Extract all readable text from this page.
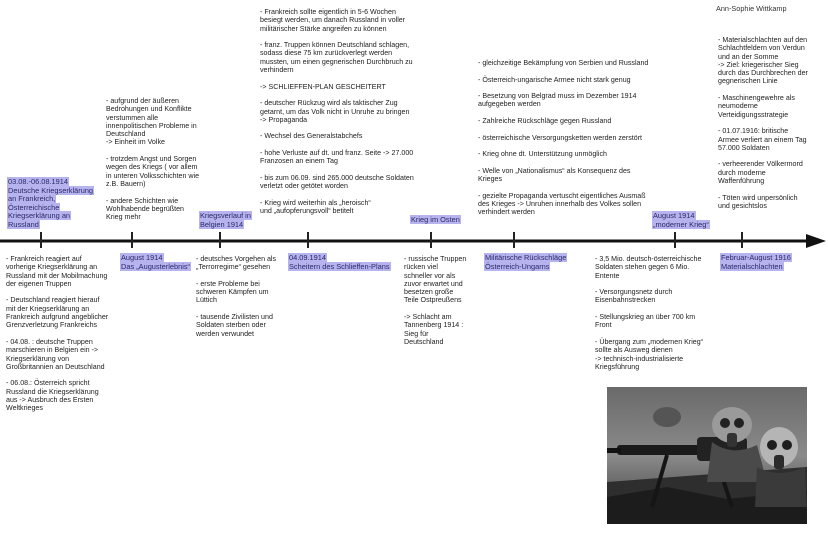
Ann-Sophie Wittkamp
03.08.-06.08.1914
Deutsche Kriegserklärung
an Frankreich,
Österreichische
Kriegserklärung an
Russland
August 1914
Das „Augusterlebnis“
Kriegsverlauf in
Belgien 1914
04.09.1914
Scheitern des Schlieffen-Plans
Krieg im Osten
Militärische Rückschläge
Österreich-Ungarns
August 1914
„moderner Krieg“
Februar-August 1916
Materialschlachten
- Frankreich reagiert auf
vorherige Kriegserklärung an
Russland mit der Mobilmachung
der eigenen Truppen

- Deutschland reagiert hierauf
mit der Kriegserklärung an
Frankreich aufgrund angeblicher
Grenzverletzung Frankreichs

- 04.08. : deutsche Truppen
marschieren in Belgien ein ->
Kriegserklärung von
Großbritannien an Deutschland

- 06.08.: Österreich spricht
Russland die Kriegserklärung
aus -> Ausbruch des Ersten
Weltkrieges
- aufgrund der äußeren
Bedrohungen und Konflikte
verstummen alle
innenpolitischen Probleme in
Deutschland
-> Einheit im Volke

- trotzdem Angst und Sorgen
wegen des Kriegs ( vor allem
in unteren Volksschichten wie
z.B. Bauern)

- andere Schichten wie
Wohlhabende begrüßten
Krieg mehr
- deutsches Vorgehen als
„Terrorregime“ gesehen

- erste Probleme bei
schweren Kämpfen um
Lüttich

- tausende Zivilisten und
Soldaten sterben oder
werden verwundet
- Frankreich sollte eigentlich in 5-6 Wochen
besiegt werden, um danach Russland in voller
militärischer Stärke angreifen zu können

- franz. Truppen können Deutschland schlagen,
sodass diese 75 km zurückverlegt werden
mussten, um einen gegnerischen Durchbruch zu
verhindern

-> SCHLIEFFEN-PLAN GESCHEITERT

- deutscher Rückzug wird als taktischer Zug
getarnt, um das Volk nicht in Unruhe zu bringen
-> Propaganda

- Wechsel des Generalstabchefs

- hohe Verluste auf dt. und franz. Seite -> 27.000
Franzosen an einem Tag

- bis zum 06.09. sind 265.000 deutsche Soldaten
verletzt oder getötet worden

- Krieg wird weiterhin als „heroisch“
und „aufopferungsvoll“ betitelt
- russische Truppen
rücken viel
schneller vor als
zuvor erwartet und
besetzen große
Teile Ostpreußens

-> Schlacht am
Tannenberg 1914 :
Sieg für
Deutschland
- gleichzeitige Bekämpfung von Serbien und Russland

- Österreich-ungarische Armee nicht stark genug

- Besetzung von Belgrad muss im Dezember 1914
aufgegeben werden

- Zahlreiche Rückschläge gegen Russland

- österreichische Versorgungsketten werden zerstört

- Krieg ohne dt. Unterstützung unmöglich

- Welle von „Nationalismus“ als Konsequenz des
Krieges

- gezielte Propaganda vertuscht eigentliches Ausmaß
des Krieges -> Unruhen innerhalb des Volkes sollen
verhindert werden
- 3,5 Mio. deutsch-österreichische
Soldaten stehen gegen 6 Mio.
Entente

- Versorgungsnetz durch
Eisenbahnstrecken

- Stellungskrieg an über 700 km
Front

- Übergang zum „modernen Krieg“
sollte als Ausweg dienen
-> technisch-industrialisierte
Kriegsführung
- Materialschlachten auf den
Schlachtfeldern von Verdun
und an der Somme
-> Ziel: kriegerischer Sieg
durch das Durchbrechen der
gegnerischen Linie

- Maschinengewehre als
neumoderne
Verteidigungsstrategie

- 01.07.1916: britische
Armee verliert an einem Tag
57.000 Soldaten

- verheerender Völkermord
durch moderne
Waffenführung

- Töten wird unpersönlich
und gesichtslos
